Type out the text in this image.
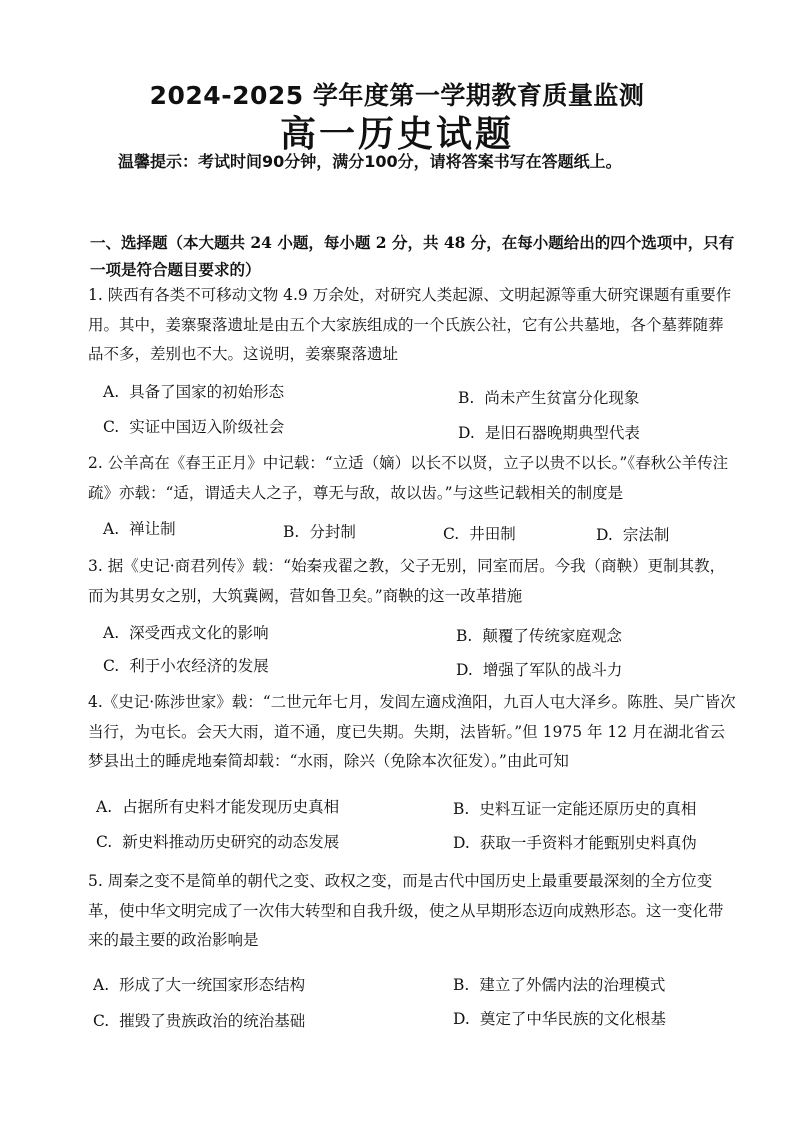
2024-2025 学年度第一学期教育质量监测
高一历史试题
温馨提示：考试时间90分钟，满分100分，请将答案书写在答题纸上。
一、选择题（本大题共 24 小题，每小题 2 分，共 48 分，在每小题给出的四个选项中，只有一项是符合题目要求的）
1. 陕西有各类不可移动文物 4.9 万余处，对研究人类起源、文明起源等重大研究课题有重要作用。其中，姜寨聚落遗址是由五个大家族组成的一个氏族公社，它有公共墓地，各个墓葬随葬品不多，差别也不大。这说明，姜寨聚落遗址
A. 具备了国家的初始形态	B. 尚未产生贫富分化现象
C. 实证中国迈入阶级社会	D. 是旧石器晚期典型代表
2. 公羊高在《春王正月》中记载：“立适（嫡）以长不以贤，立子以贵不以长。”《春秋公羊传注疏》亦载：“适，谓适夫人之子，尊无与敌，故以齿。”与这些记载相关的制度是
A. 禅让制	B. 分封制	C. 井田制	D. 宗法制
3. 据《史记·商君列传》载：“始秦戎翟之教，父子无别，同室而居。今我（商鞅）更制其教，而为其男女之别，大筑冀阙，营如鲁卫矣。”商鞅的这一改革措施
A. 深受西戎文化的影响	B. 颠覆了传统家庭观念
C. 利于小农经济的发展	D. 增强了军队的战斗力
4.《史记·陈涉世家》载：“二世元年七月，发闾左適戍渔阳，九百人屯大泽乡。陈胜、吴广皆次当行，为屯长。会天大雨，道不通，度已失期。失期，法皆斩。”但 1975 年 12 月在湖北省云梦县出土的睡虎地秦简却载：“水雨，除兴（免除本次征发）。”由此可知
A. 占据所有史料才能发现历史真相	B. 史料互证一定能还原历史的真相
C. 新史料推动历史研究的动态发展	D. 获取一手资料才能甄别史料真伪
5. 周秦之变不是简单的朝代之变、政权之变，而是古代中国历史上最重要最深刻的全方位变革，使中华文明完成了一次伟大转型和自我升级，使之从早期形态迈向成熟形态。这一变化带来的最主要的政治影响是
A. 形成了大一统国家形态结构	B. 建立了外儒内法的治理模式
C. 摧毁了贵族政治的统治基础	D. 奠定了中华民族的文化根基
